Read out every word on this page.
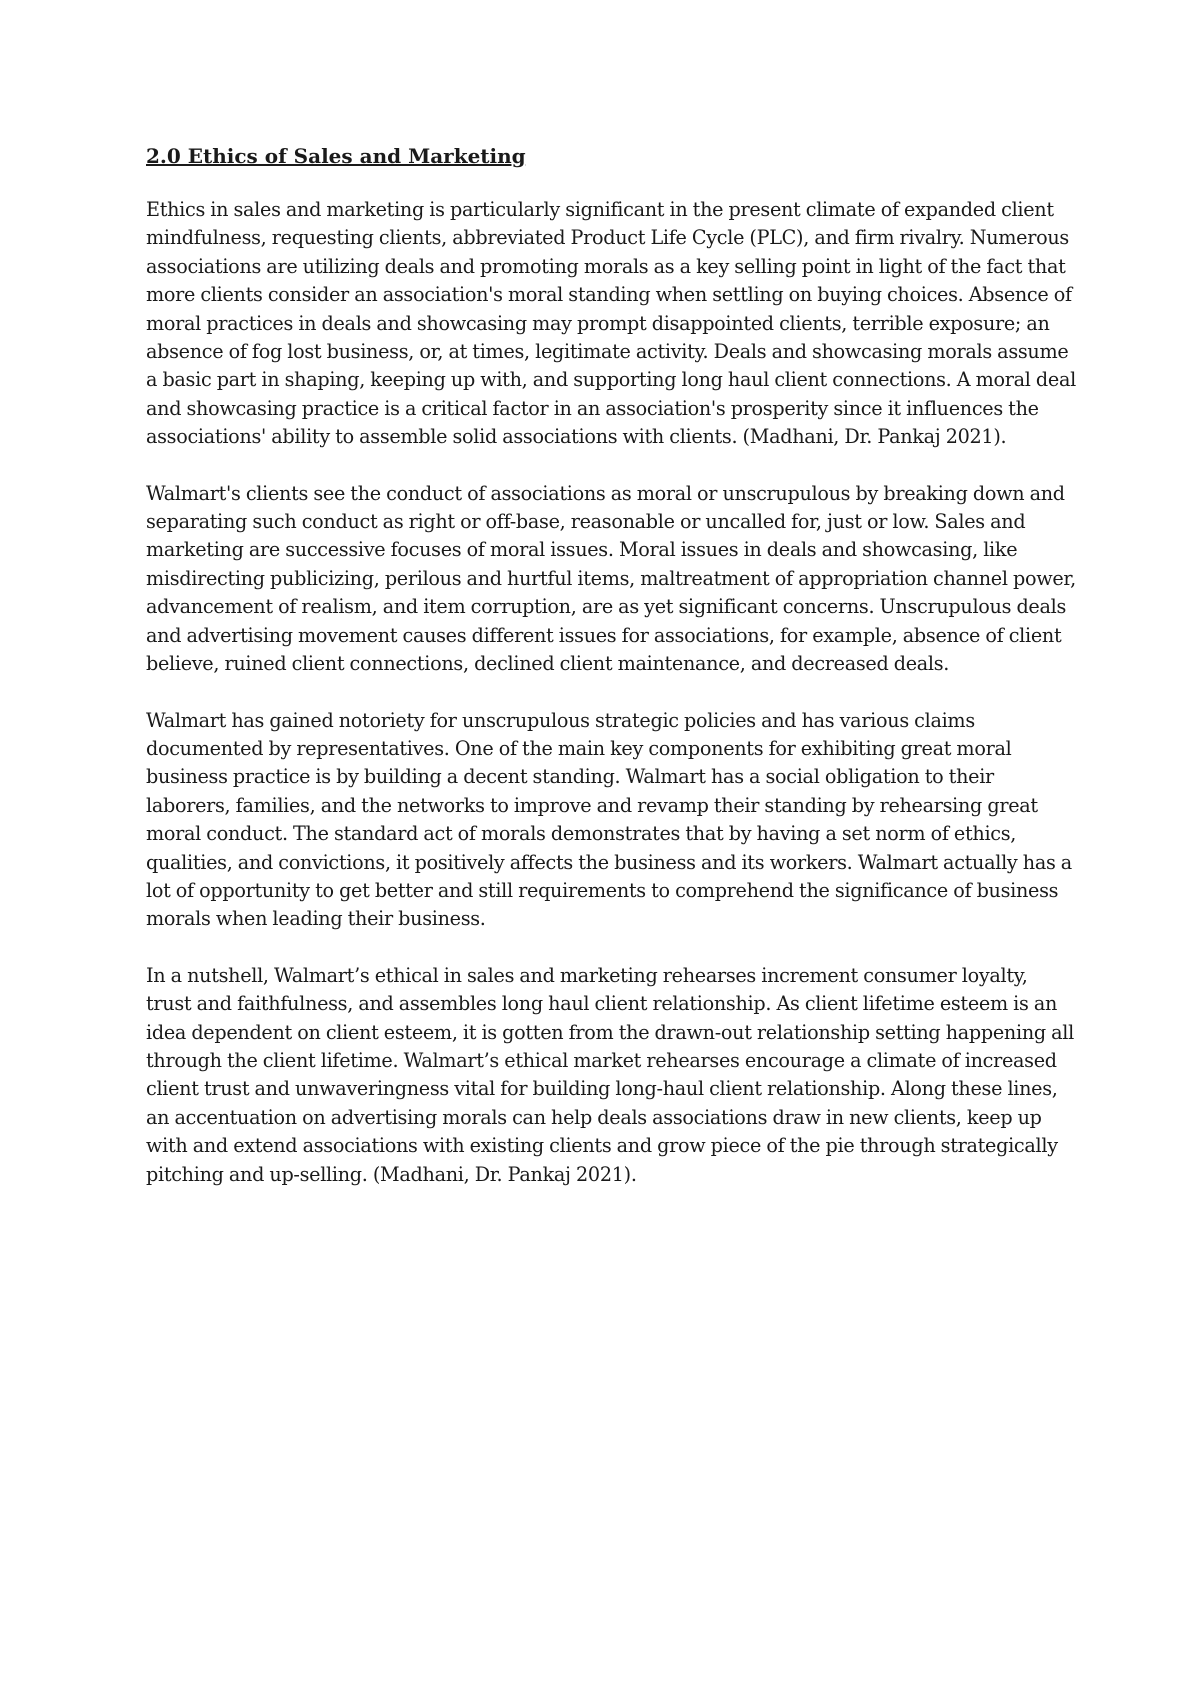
2.0 Ethics of Sales and Marketing

Ethics in sales and marketing is particularly significant in the present climate of expanded client mindfulness, requesting clients, abbreviated Product Life Cycle (PLC), and firm rivalry. Numerous associations are utilizing deals and promoting morals as a key selling point in light of the fact that more clients consider an association's moral standing when settling on buying choices. Absence of moral practices in deals and showcasing may prompt disappointed clients, terrible exposure; an absence of fog lost business, or, at times, legitimate activity. Deals and showcasing morals assume a basic part in shaping, keeping up with, and supporting long haul client connections. A moral deal and showcasing practice is a critical factor in an association's prosperity since it influences the associations' ability to assemble solid associations with clients. (Madhani, Dr. Pankaj 2021).

Walmart's clients see the conduct of associations as moral or unscrupulous by breaking down and separating such conduct as right or off-base, reasonable or uncalled for, just or low. Sales and marketing are successive focuses of moral issues. Moral issues in deals and showcasing, like misdirecting publicizing, perilous and hurtful items, maltreatment of appropriation channel power, advancement of realism, and item corruption, are as yet significant concerns. Unscrupulous deals and advertising movement causes different issues for associations, for example, absence of client believe, ruined client connections, declined client maintenance, and decreased deals.

Walmart has gained notoriety for unscrupulous strategic policies and has various claims documented by representatives. One of the main key components for exhibiting great moral business practice is by building a decent standing. Walmart has a social obligation to their laborers, families, and the networks to improve and revamp their standing by rehearsing great moral conduct. The standard act of morals demonstrates that by having a set norm of ethics, qualities, and convictions, it positively affects the business and its workers. Walmart actually has a lot of opportunity to get better and still requirements to comprehend the significance of business morals when leading their business.

In a nutshell, Walmart’s ethical in sales and marketing rehearses increment consumer loyalty, trust and faithfulness, and assembles long haul client relationship. As client lifetime esteem is an idea dependent on client esteem, it is gotten from the drawn-out relationship setting happening all through the client lifetime. Walmart’s ethical market rehearses encourage a climate of increased client trust and unwaveringness vital for building long-haul client relationship. Along these lines, an accentuation on advertising morals can help deals associations draw in new clients, keep up with and extend associations with existing clients and grow piece of the pie through strategically pitching and up-selling. (Madhani, Dr. Pankaj 2021).
